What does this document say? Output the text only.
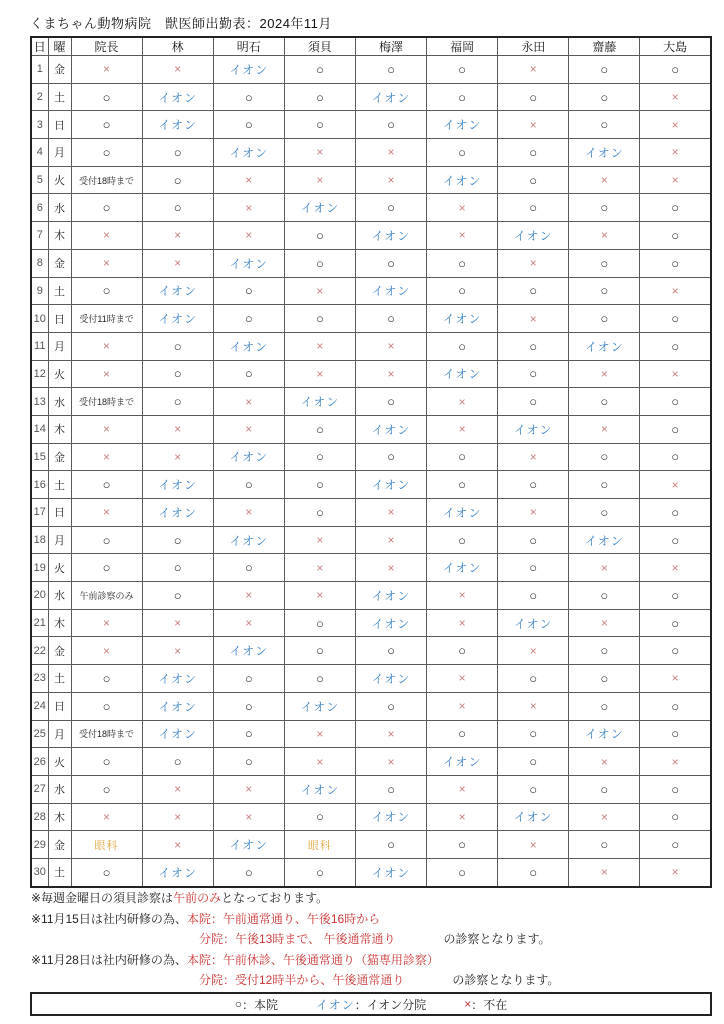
くまちゃん動物病院　獣医師出勤表：2024年11月
日	曜	院長	林	明石	須貝	梅澤	福岡	永田	齋藤	大島
1	金	×	×	イオン	○	○	○	×	○	○
2	土	○	イオン	○	○	イオン	○	○	○	×
3	日	○	イオン	○	○	○	イオン	×	○	×
4	月	○	○	イオン	×	×	○	○	イオン	×
5	火	受付18時まで	○	×	×	×	イオン	○	×	×
6	水	○	○	×	イオン	○	×	○	○	○
7	木	×	×	×	○	イオン	×	イオン	×	○
8	金	×	×	イオン	○	○	○	×	○	○
9	土	○	イオン	○	×	イオン	○	○	○	×
10	日	受付11時まで	イオン	○	○	○	イオン	×	○	○
11	月	×	○	イオン	×	×	○	○	イオン	○
12	火	×	○	○	×	×	イオン	○	×	×
13	水	受付18時まで	○	×	イオン	○	×	○	○	○
14	木	×	×	×	○	イオン	×	イオン	×	○
15	金	×	×	イオン	○	○	○	×	○	○
16	土	○	イオン	○	○	イオン	○	○	○	×
17	日	×	イオン	×	○	×	イオン	×	○	○
18	月	○	○	イオン	×	×	○	○	イオン	○
19	火	○	○	○	×	×	イオン	○	×	×
20	水	午前診察のみ	○	×	×	イオン	×	○	○	○
21	木	×	×	×	○	イオン	×	イオン	×	○
22	金	×	×	イオン	○	○	○	×	○	○
23	土	○	イオン	○	○	イオン	×	○	○	×
24	日	○	イオン	○	イオン	○	×	×	○	○
25	月	受付18時まで	イオン	○	×	×	○	○	イオン	○
26	火	○	○	○	×	×	イオン	○	×	×
27	水	○	×	×	イオン	○	×	○	○	○
28	木	×	×	×	○	イオン	×	イオン	×	○
29	金	眼科	×	イオン	眼科	○	○	×	○	○
30	土	○	イオン	○	○	イオン	○	○	×	×
※毎週金曜日の須貝診察は午前のみとなっております。
※11月15日は社内研修の為、本院：午前通常通り、午後16時から
分院：午後13時まで、 午後通常通り	の診察となります。
※11月28日は社内研修の為、本院：午前休診、午後通常通り（猫専用診察）
分院：受付12時半から、午後通常通り	の診察となります。
○ ：本院	イオン ：イオン分院	× ：不在
